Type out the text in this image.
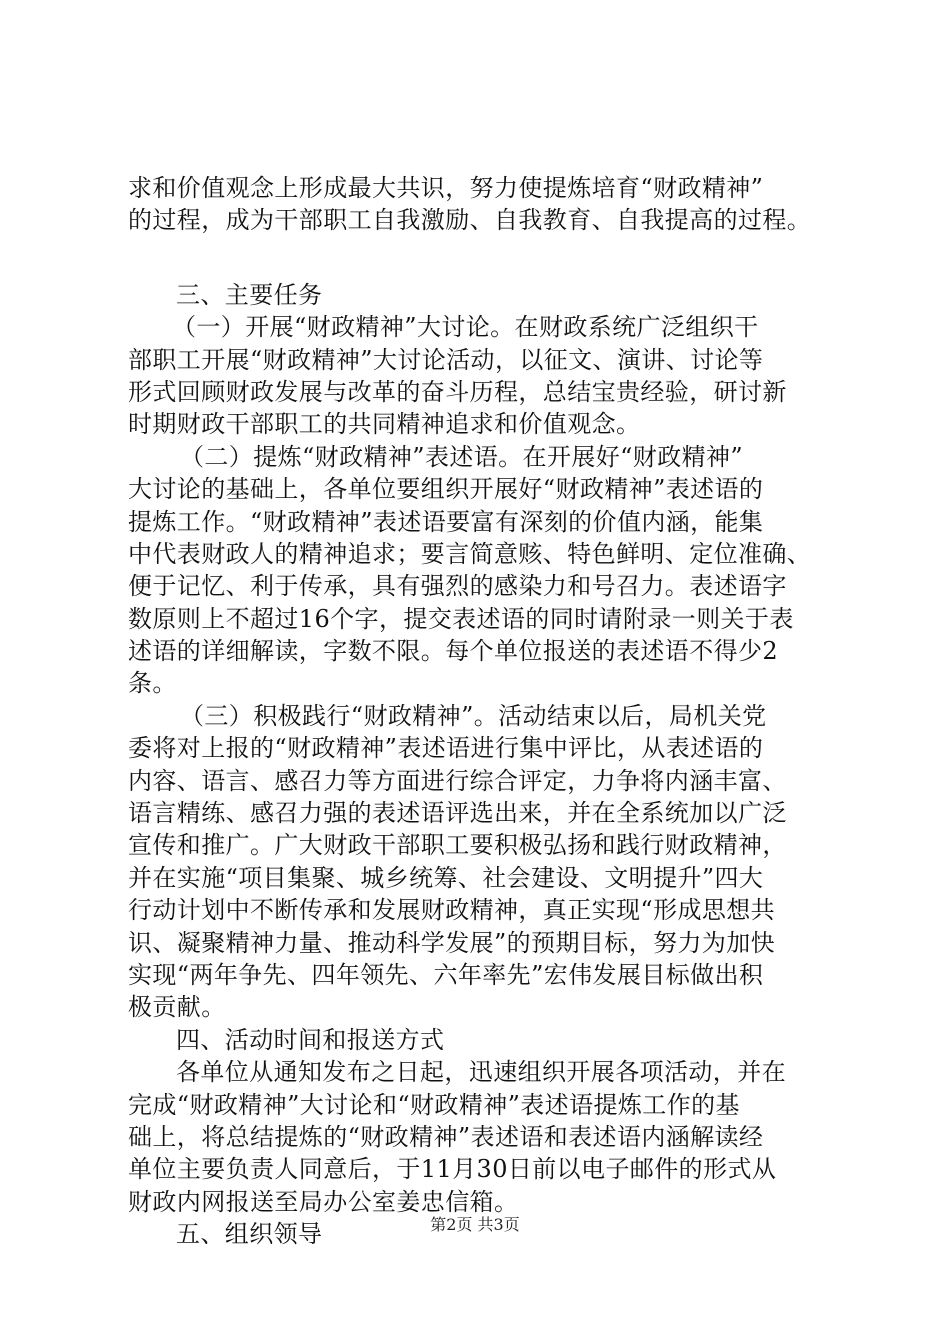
求和价值观念上形成最大共识，努力使提炼培育“财政精神”
的过程，成为干部职工自我激励、自我教育、自我提高的过程。
三、主要任务
（一）开展“财政精神”大讨论。在财政系统广泛组织干
部职工开展“财政精神”大讨论活动，以征文、演讲、讨论等
形式回顾财政发展与改革的奋斗历程，总结宝贵经验，研讨新
时期财政干部职工的共同精神追求和价值观念。
（二）提炼“财政精神”表述语。在开展好“财政精神”
大讨论的基础上，各单位要组织开展好“财政精神”表述语的
提炼工作。“财政精神”表述语要富有深刻的价值内涵，能集
中代表财政人的精神追求；要言简意赅、特色鲜明、定位准确、
便于记忆、利于传承，具有强烈的感染力和号召力。表述语字
数原则上不超过16个字，提交表述语的同时请附录一则关于表
述语的详细解读，字数不限。每个单位报送的表述语不得少2
条。
（三）积极践行“财政精神”。活动结束以后，局机关党
委将对上报的“财政精神”表述语进行集中评比，从表述语的
内容、语言、感召力等方面进行综合评定，力争将内涵丰富、
语言精练、感召力强的表述语评选出来，并在全系统加以广泛
宣传和推广。广大财政干部职工要积极弘扬和践行财政精神，
并在实施“项目集聚、城乡统筹、社会建设、文明提升”四大
行动计划中不断传承和发展财政精神，真正实现“形成思想共
识、凝聚精神力量、推动科学发展”的预期目标，努力为加快
实现“两年争先、四年领先、六年率先”宏伟发展目标做出积
极贡献。
四、活动时间和报送方式
各单位从通知发布之日起，迅速组织开展各项活动，并在
完成“财政精神”大讨论和“财政精神”表述语提炼工作的基
础上，将总结提炼的“财政精神”表述语和表述语内涵解读经
单位主要负责人同意后，于11月30日前以电子邮件的形式从
财政内网报送至局办公室姜忠信箱。
五、组织领导	第2页 共3页
